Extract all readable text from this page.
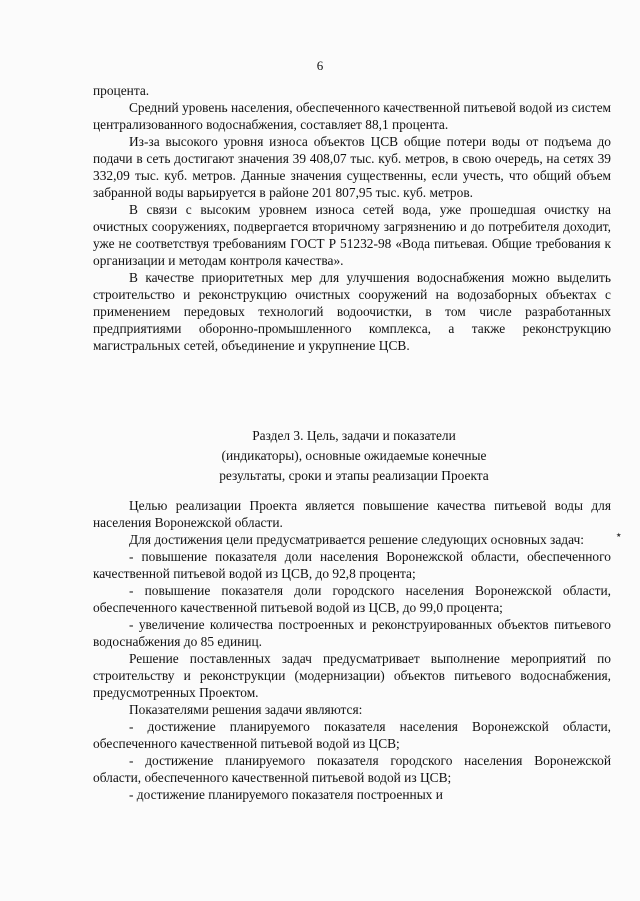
6

процента.

Средний уровень населения, обеспеченного качественной питьевой водой из систем централизованного водоснабжения, составляет 88,1 процента.

Из-за высокого уровня износа объектов ЦСВ общие потери воды от подъема до подачи в сеть достигают значения 39 408,07 тыс. куб. метров, в свою очередь, на сетях 39 332,09 тыс. куб. метров. Данные значения существенны, если учесть, что общий объем забранной воды варьируется в районе 201 807,95 тыс. куб. метров.

В связи с высоким уровнем износа сетей вода, уже прошедшая очистку на очистных сооружениях, подвергается вторичному загрязнению и до потребителя доходит, уже не соответствуя требованиям ГОСТ Р 51232-98 «Вода питьевая. Общие требования к организации и методам контроля качества».

В качестве приоритетных мер для улучшения водоснабжения можно выделить строительство и реконструкцию очистных сооружений на водозаборных объектах с применением передовых технологий водоочистки, в том числе разработанных предприятиями оборонно-промышленного комплекса, а также реконструкцию магистральных сетей, объединение и укрупнение ЦСВ.

Раздел 3. Цель, задачи и показатели
(индикаторы), основные ожидаемые конечные
результаты, сроки и этапы реализации Проекта

Целью реализации Проекта является повышение качества питьевой воды для населения Воронежской области.

Для достижения цели предусматривается решение следующих основных задач:

- повышение показателя доли населения Воронежской области, обеспеченного качественной питьевой водой из ЦСВ, до 92,8 процента;

- повышение показателя доли городского населения Воронежской области, обеспеченного качественной питьевой водой из ЦСВ, до 99,0 процента;

- увеличение количества построенных и реконструированных объектов питьевого водоснабжения до 85 единиц.

Решение поставленных задач предусматривает выполнение мероприятий по строительству и реконструкции (модернизации) объектов питьевого водоснабжения, предусмотренных Проектом.

Показателями решения задачи являются:

- достижение планируемого показателя населения Воронежской области, обеспеченного качественной питьевой водой из ЦСВ;

- достижение планируемого показателя городского населения Воронежской области, обеспеченного качественной питьевой водой из ЦСВ;

- достижение планируемого показателя построенных и

٭
